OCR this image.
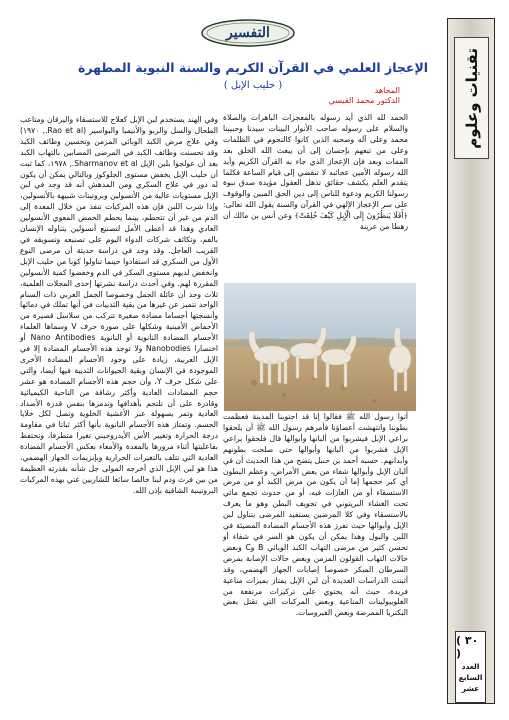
التفسير
الإعجاز العلمي في القرآن الكريم والسنة النبوية المطهرة
( حليب الإبل )	المجاهد
الدكتور محمد القيسي
الحمد لله الذي أيد رسوله بالمعجزات الباهرات والصلاة والسلام على رسوله صاحب الأنوار البينات سيدنا وحبيبنا محمد وعلى آله وصحبه الذين كانوا كالنجوم في الظلمات وعلى من تبعهم بإحسان إلى أن يبعث الله الخلق بعد الممات وبعد فإن الإعجاز الذي جاء به القرآن الكريم وأيد الله رسوله الأمين عجائبه لا تنقضي إلى قيام الساعة فكلما يتقدم العلم يكشف حقائق تذهل العقول مؤيدة صدق نبوة رسولنا الكريم ودعوة للناس إلى دين الحق المبين والوقوف على سر الإعجاز الإلهي في القرآن والسنة يقول الله تعالى: ﴿أَفَلَا يَنظُرُونَ إِلَى الْإِبِلِ كَيْفَ خُلِقَتْ﴾ وعن أنس بن مالك أن رهطا من عرينة
أتوا رسول الله ﷺ فقالوا إنا قد اجتوينا المدينة فعظمت بطوننا وانتهشت أعضاؤنا فأمرهم رسول الله ﷺ أن يلحقوا براعي الإبل فيشربوا من ألبانها وأبوالها قال فلحقوا براعي الإبل فشربوا من ألبانها وأبوالها حتى صلحت بطونهم وأبدانهم. حسبه أحمد بن حنبل يتضح من هذا الحديث أن في ألبان الإبل وأبوالها شفاء من بعض الأمراض، وعظم البطون أي كبر حجمها إما أن يكون من مرض الكبد أو من مرض الاستسقاء أو من الغازات فيه، أو من حدوث تجمع مائي تحت الغشاء البريتوني في تجويف البطن وهو ما يعرف بالاستسقاء وفي كلا المرضين يستفيد المرضى بتناول لبن الإبل وأبوالها حيث تفرز هذه الأجسام المضادة المضيئة في اللبن والبول وهذا يمكن أن يكون هو السر في شفاء أو تحسن كثير من مرضى التهاب الكبد الوبائي B وC وبعض حالات التهاب القولون المزمن وبعض حالات الإصابة بمرض السرطان المبكر خصوصا إصابات الجهاز الهضمي، وقد أثبتت الدراسات العديدة أن لبن الإبل يمتاز بميزات مناعية فريدة، حيث أنه يحتوي على تركيزات مرتفعة من الغلوبيولينات المناعية وبعض المركبات التي تقتل بعض البكتريا الممرضة وبعض الفيروسات.
وفي الهند يستخدم لبن الإبل كعلاج للاستسقاء واليرقان ومتاعب الطحال والسل والربو والأنيميا والبواسير (Rao et al., ١٩٧٠) وفي علاج مرض الكبد الوبائي المزمن وتحسين وظائف الكبد وقد تحسنت وظائف الكبد في المرضى المصابين بالتهاب الكبد بعد أن عولجوا بلبن الإبل Sharmanov et al., ١٩٧٨، كما ثبت أن حليب الإبل يخفض مستوى الجلوكوز وبالتالي يمكن أن يكون له دور في علاج السكري ومن المدهش أنه قد وجد في لبن الإبل مستويات عالية من الأنسولين وبروتينات شبيهة بالأنسولين، وإذا شرب اللبن فإن هذه المركبات تنفذ من خلال المعدة إلى الدم من غير أن تتحطم، بينما يحطم الحمض المعوي الأنسولين العادي وهذا قد أعطى الأمل لتصنيع أنسولين يتناوله الإنسان بالفم، وتكاثف شركات الدواء اليوم على تصنيعه وتسويقه في القريب العاجل. وقد وجد في دراسة حديثة أن مرضى النوع الأول من السكري قد استفادوا حينما تناولوا كوبا من حليب الإبل وانخفض لديهم مستوى السكر في الدم وخفضوا كمية الأنسولين المقررة لهم. وفي أحدث دراسة نشرتها إحدى المجلات العلمية، ثلاث وجد أن عائلة الجمل وخصوصا الجمل العربي ذات السنام الواحد تتميز عن غيرها من بقية الثدييات في أنها تملك في دمائها وأنسجتها أجساما مضادة صغيرة تتركب من سلاسل قصيرة من الأحماض الأمينية وشكلها على صورة حرف V وسماها العلماء الأجسام المضادة النانوية أو النانوية Nano Antibodies أو اختصارا Nanobodies ولا توجد هذه الأجسام المضادة إلا في الإبل العربية، زيادة على وجود الأجسام المضادة الأخرى الموجودة في الإنسان وبقية الحيوانات الثديية فيها أيضا، والتي على شكل حرف Y، وأن حجم هذه الأجسام المضادة هو عشر حجم المضادات العادية وأكثر رشاقة من الناحية الكيميائية وقادرة على أن تلتحم بأهدافها وتدمرها بنفس قدرة الأضداد العادية وتمر بسهولة عبر الأغشية الخلوية وتصل لكل خلايا الجسم. وتمتاز هذه الأجسام النانوية بأنها أكثر ثباتا في مقاومة درجة الحرارة وتغيير الأس الأيدروجيني تغيرا متطرفا، وتحتفظ بفاعليتها أثناء مرورها بالمعدة والأمعاء بعكس الأجسام المضادة العادية التي تتلف بالتغيرات الحرارية وبإنزيمات الجهاز الهضمي، هذا هو لبن الإبل الذي أخرجه المولى جل شأنه بقدرته العظيمة من بين فرث ودم لبنا خالصا سائغا للشاربين غني بهذه المركبات البروتينية الشافية بإذن الله.
تقنيات وعلوم
( ٣٠ )
العدد
السابع
عشر
